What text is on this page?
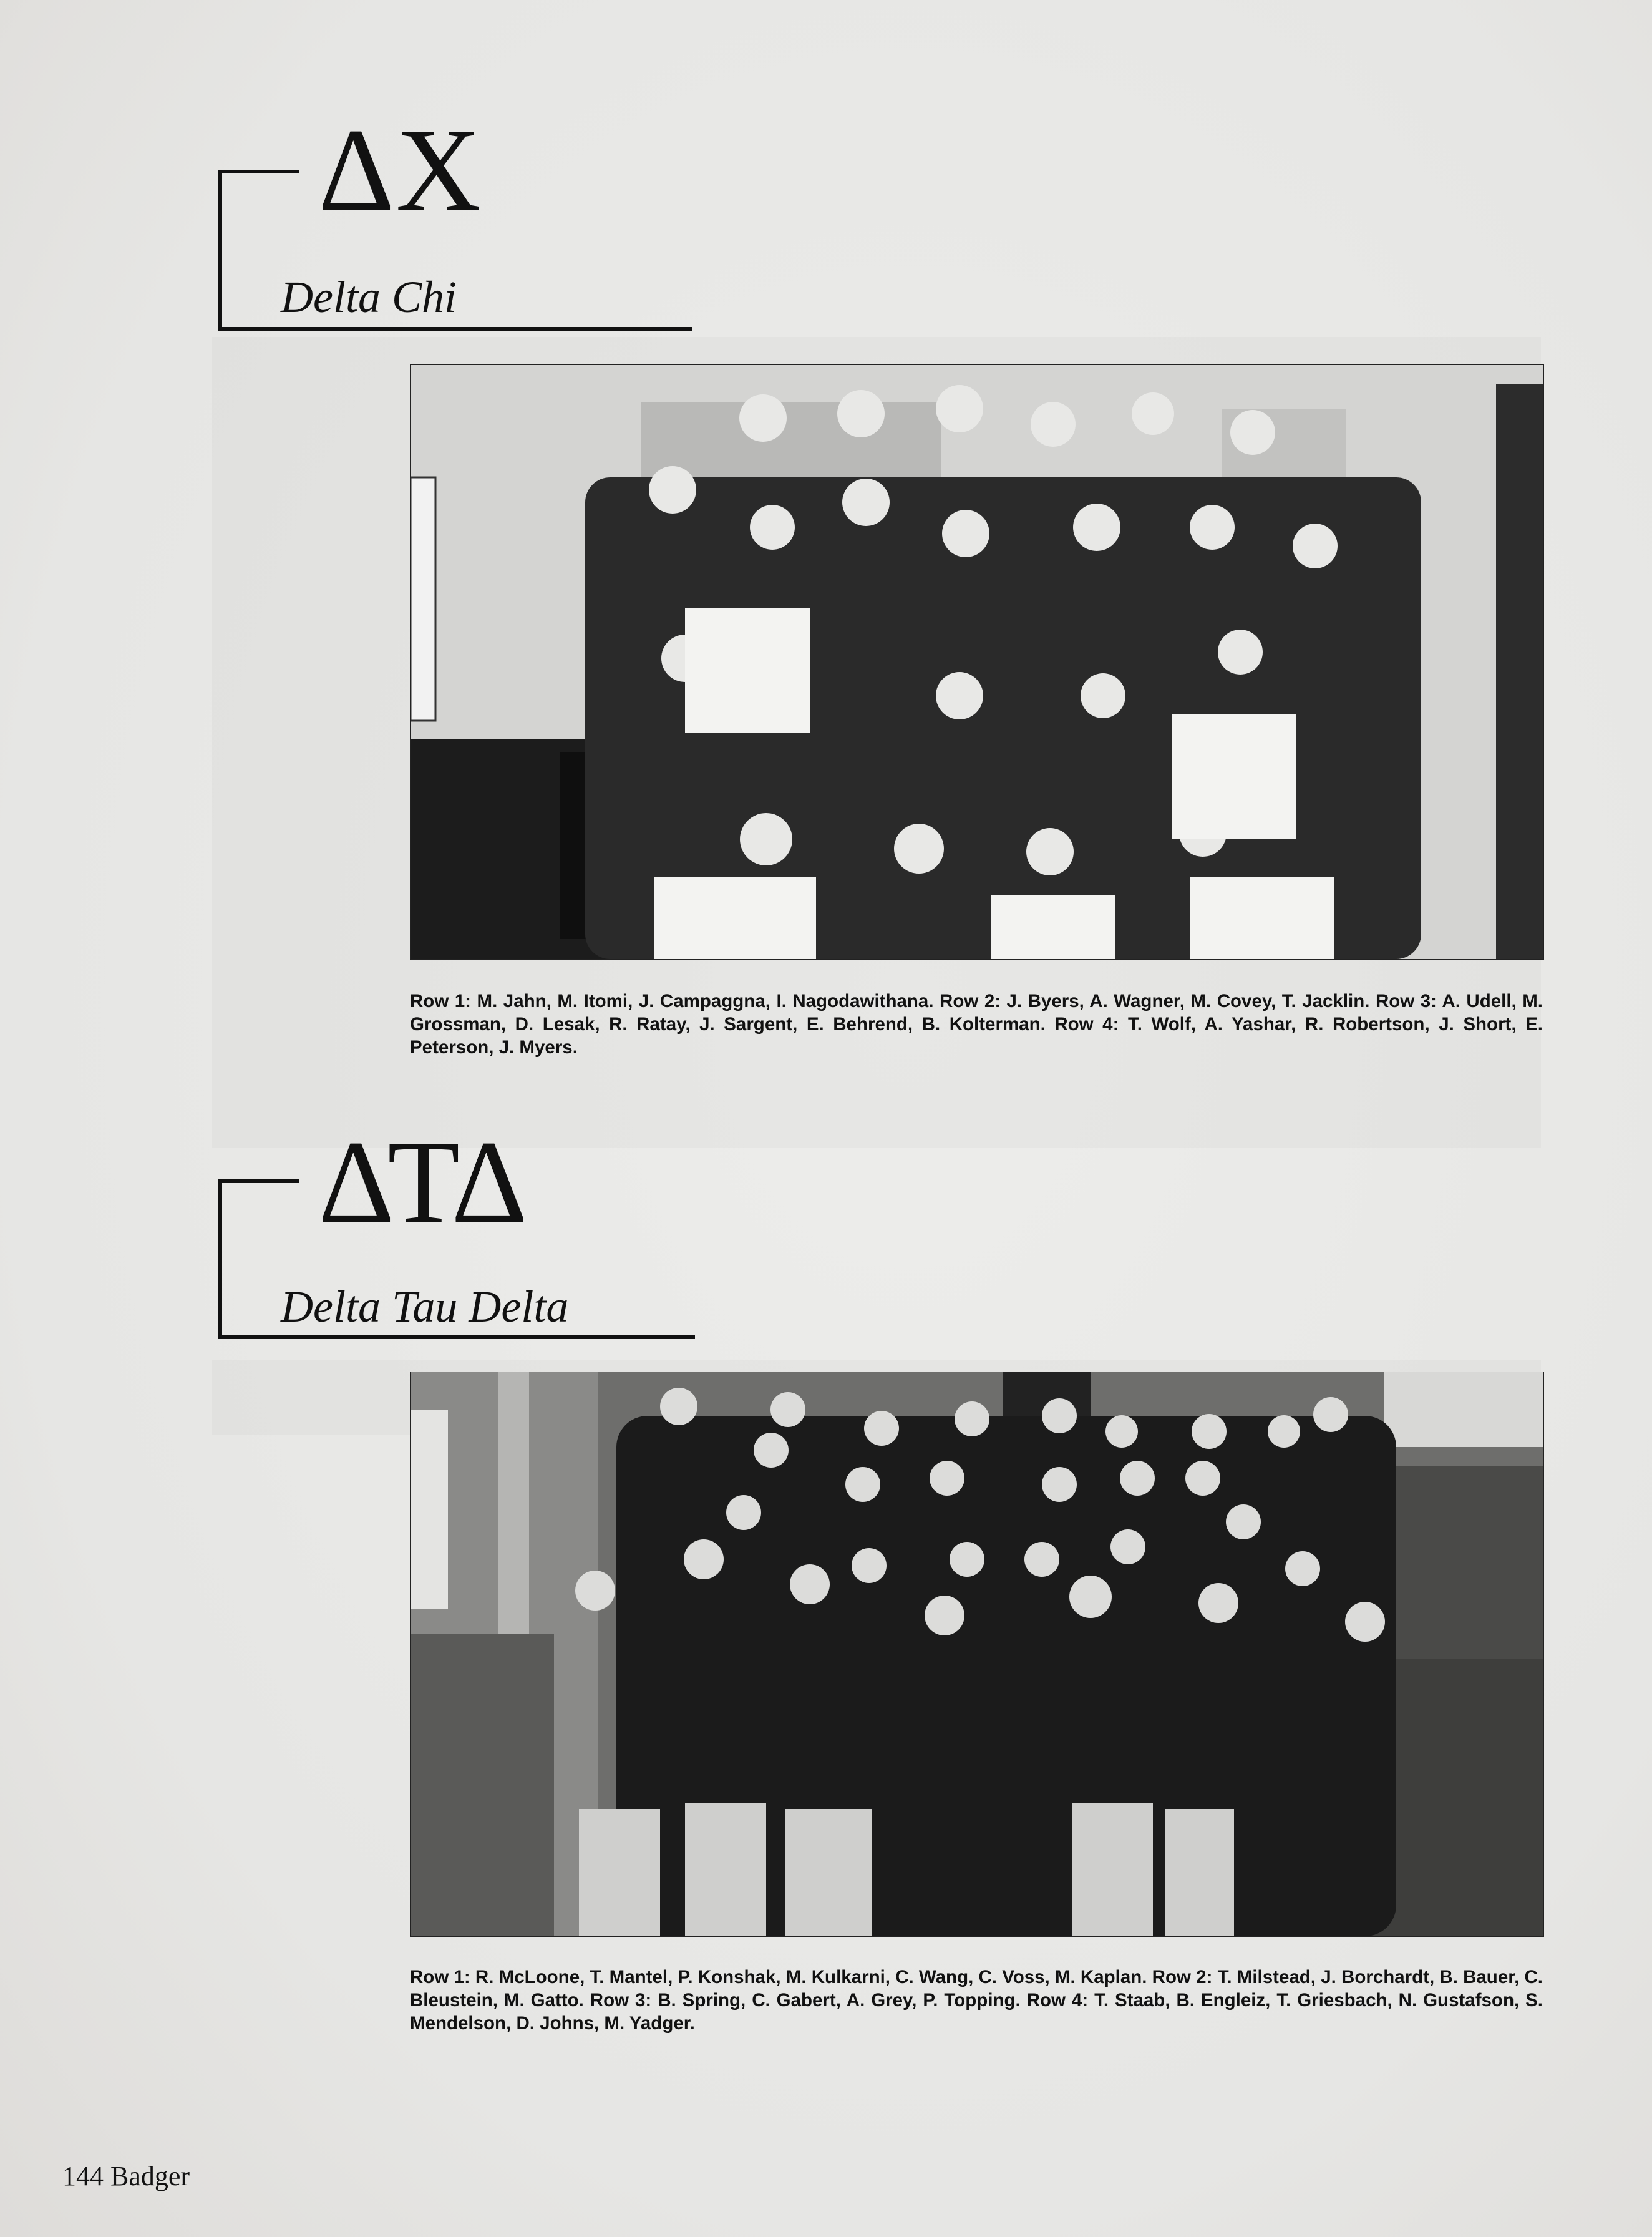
ΔX
Delta Chi
Row 1: M. Jahn, M. Itomi, J. Campaggna, I. Nagodawithana. Row 2: J. Byers, A. Wagner, M. Covey, T. Jacklin. Row 3: A. Udell, M. Grossman, D. Lesak, R. Ratay, J. Sargent, E. Behrend, B. Kolterman. Row 4: T. Wolf, A. Yashar, R. Robertson, J. Short, E. Peterson, J. Myers.
ΔΤΔ
Delta Tau Delta
Row 1: R. McLoone, T. Mantel, P. Konshak, M. Kulkarni, C. Wang, C. Voss, M. Kaplan. Row 2: T. Milstead, J. Borchardt, B. Bauer, C. Bleustein, M. Gatto. Row 3: B. Spring, C. Gabert, A. Grey, P. Topping. Row 4: T. Staab, B. Engleiz, T. Griesbach, N. Gustafson, S. Mendelson, D. Johns, M. Yadger.
144 Badger
